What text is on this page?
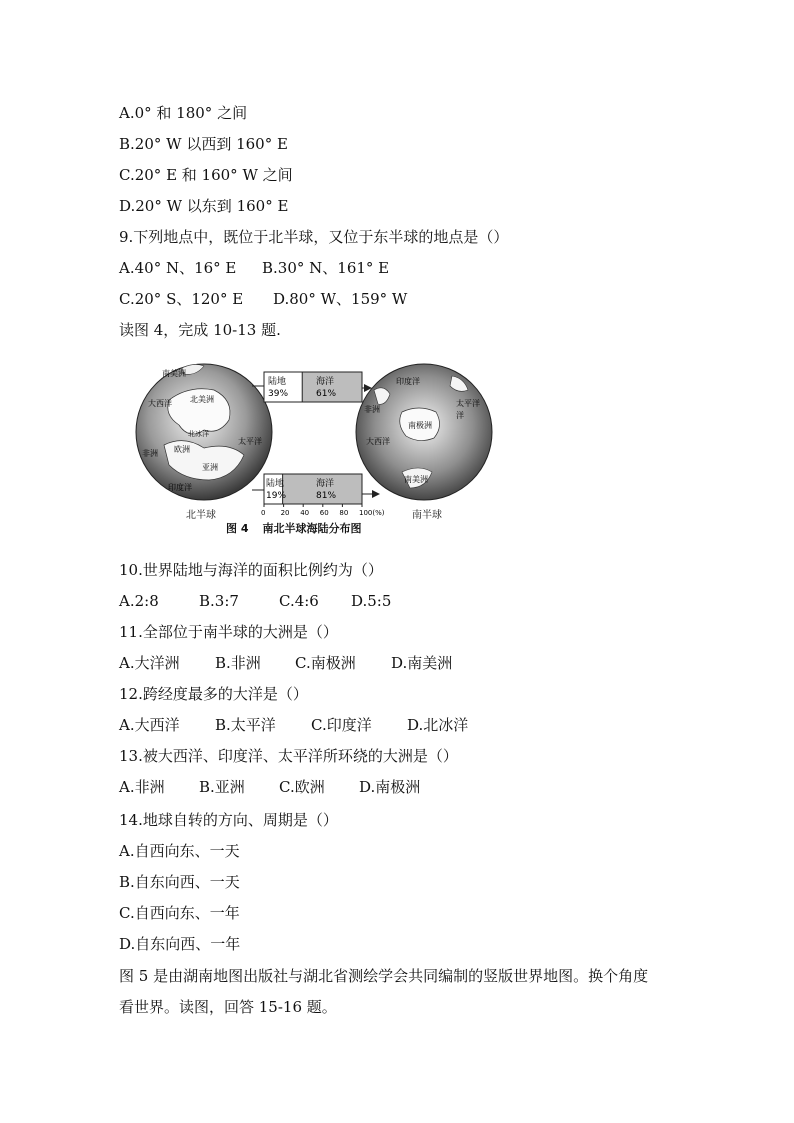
A.0° 和 180° 之间
B.20° W 以西到 160° E
C.20° E 和 160° W 之间
D.20° W 以东到 160° E
9.下列地点中，既位于北半球，又位于东半球的地点是（）

A.40° N、16° E

B.30° N、161° E

C.20° S、120° E

D.80° W、159° W

读图 4，完成 10-13 题.
0 20 40 60 80 100(%)
陆地
39%
海洋
61%
陆地
19%
海洋
81%
南美洲
北美洲
大西洋
太平洋
非洲 欧洲
亚洲
印度洋
北冰洋
印度洋
太平洋
非洲
南极洲
大西洋
南美洲
洋
北半球	南半球
图 4 南北半球海陆分布图
10.世界陆地与海洋的面积比例约为（）

A.2:8

	B.3:7

	C.4:6

D.5:5

11.全部位于南半球的大洲是（）

A.大洋洲

B.非洲

C.南极洲

D.南美洲

12.跨经度最多的大洋是（）

A.大西洋

B.太平洋

C.印度洋

D.北冰洋

13.被大西洋、印度洋、太平洋所环绕的大洲是（）

A.非洲

B.亚洲

C.欧洲

D.南极洲

14.地球自转的方向、周期是（）
A.自西向东、一天
B.自东向西、一天
C.自西向东、一年
D.自东向西、一年
图 5 是由湖南地图出版社与湖北省测绘学会共同编制的竖版世界地图。换个角度
看世界。读图，回答 15-16 题。
